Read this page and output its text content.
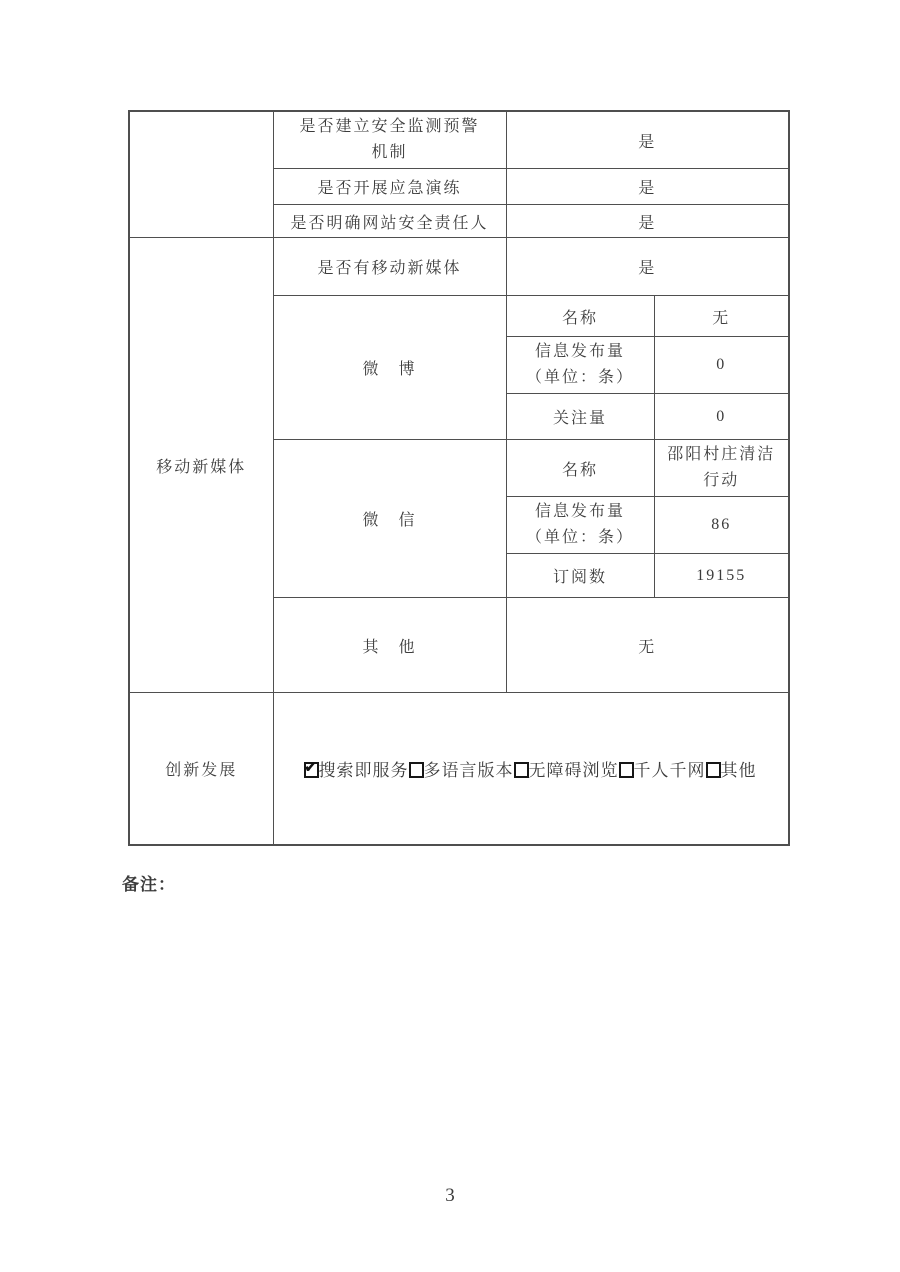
	是否建立安全监测预警
机制	是	
	是否开展应急演练	是	
	是否明确网站安全责任人	是	
移动新媒体	是否有移动新媒体	是	
	微　博	名称	无

		信息发布量
（单位：条）	0
		关注量	0
	微　信	名称	邵阳村庄清洁
行动

		信息发布量
（单位：条）	86
		订阅数	19155
	其　他	无	
创新发展	✔搜索即服务 多语言版本 无障碍浏览 千人千网 其他
备注：
3
